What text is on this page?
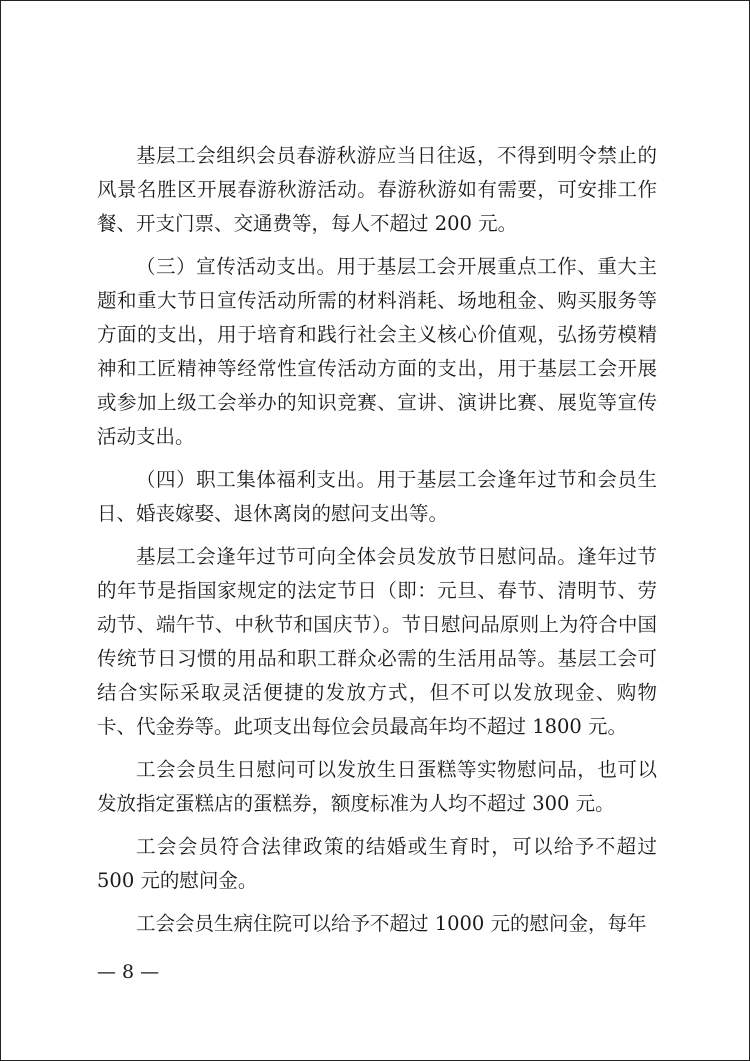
基层工会组织会员春游秋游应当日往返，不得到明令禁止的风景名胜区开展春游秋游活动。春游秋游如有需要，可安排工作餐、开支门票、交通费等，每人不超过 200 元。

（三）宣传活动支出。用于基层工会开展重点工作、重大主题和重大节日宣传活动所需的材料消耗、场地租金、购买服务等方面的支出，用于培育和践行社会主义核心价值观，弘扬劳模精神和工匠精神等经常性宣传活动方面的支出，用于基层工会开展或参加上级工会举办的知识竞赛、宣讲、演讲比赛、展览等宣传活动支出。

（四）职工集体福利支出。用于基层工会逢年过节和会员生日、婚丧嫁娶、退休离岗的慰问支出等。

基层工会逢年过节可向全体会员发放节日慰问品。逢年过节的年节是指国家规定的法定节日（即：元旦、春节、清明节、劳动节、端午节、中秋节和国庆节）。节日慰问品原则上为符合中国传统节日习惯的用品和职工群众必需的生活用品等。基层工会可结合实际采取灵活便捷的发放方式，但不可以发放现金、购物卡、代金券等。此项支出每位会员最高年均不超过 1800 元。

工会会员生日慰问可以发放生日蛋糕等实物慰问品，也可以发放指定蛋糕店的蛋糕券，额度标准为人均不超过 300 元。

工会会员符合法律政策的结婚或生育时，可以给予不超过 500 元的慰问金。

工会会员生病住院可以给予不超过 1000 元的慰问金，每年

— 8 —
